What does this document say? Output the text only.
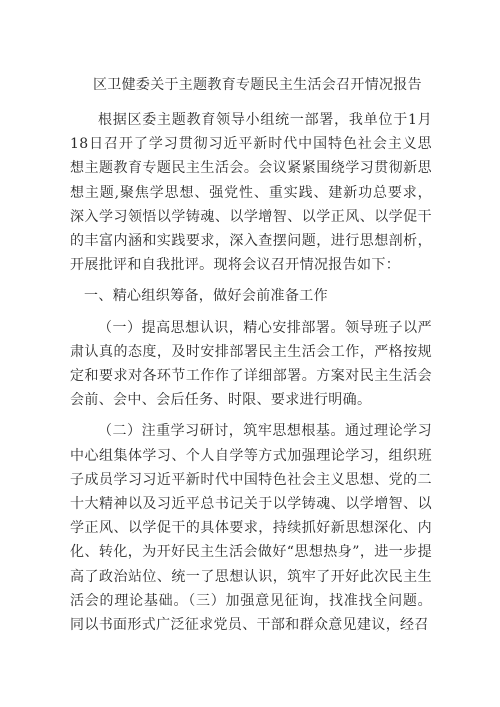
区卫健委关于主题教育专题民主生活会召开情况报告

根据区委主题教育领导小组统一部署，我单位于1月18日召开了学习贯彻习近平新时代中国特色社会主义思想主题教育专题民主生活会。会议紧紧围绕学习贯彻新思想主题,聚焦学思想、强党性、重实践、建新功总要求，深入学习领悟以学铸魂、以学增智、以学正风、以学促干的丰富内涵和实践要求，深入查摆问题，进行思想剖析，开展批评和自我批评。现将会议召开情况报告如下：

一、精心组织筹备，做好会前准备工作

（一）提高思想认识，精心安排部署。领导班子以严肃认真的态度，及时安排部署民主生活会工作，严格按规定和要求对各环节工作作了详细部署。方案对民主生活会会前、会中、会后任务、时限、要求进行明确。

（二）注重学习研讨，筑牢思想根基。通过理论学习中心组集体学习、个人自学等方式加强理论学习，组织班子成员学习习近平新时代中国特色社会主义思想、党的二十大精神以及习近平总书记关于以学铸魂、以学增智、以学正风、以学促干的具体要求，持续抓好新思想深化、内化、转化，为开好民主生活会做好“思想热身”，进一步提高了政治站位、统一了思想认识，筑牢了开好此次民主生活会的理论基础。（三）加强意见征询，找准找全问题。同以书面形式广泛征求党员、干部和群众意见建议，经召
